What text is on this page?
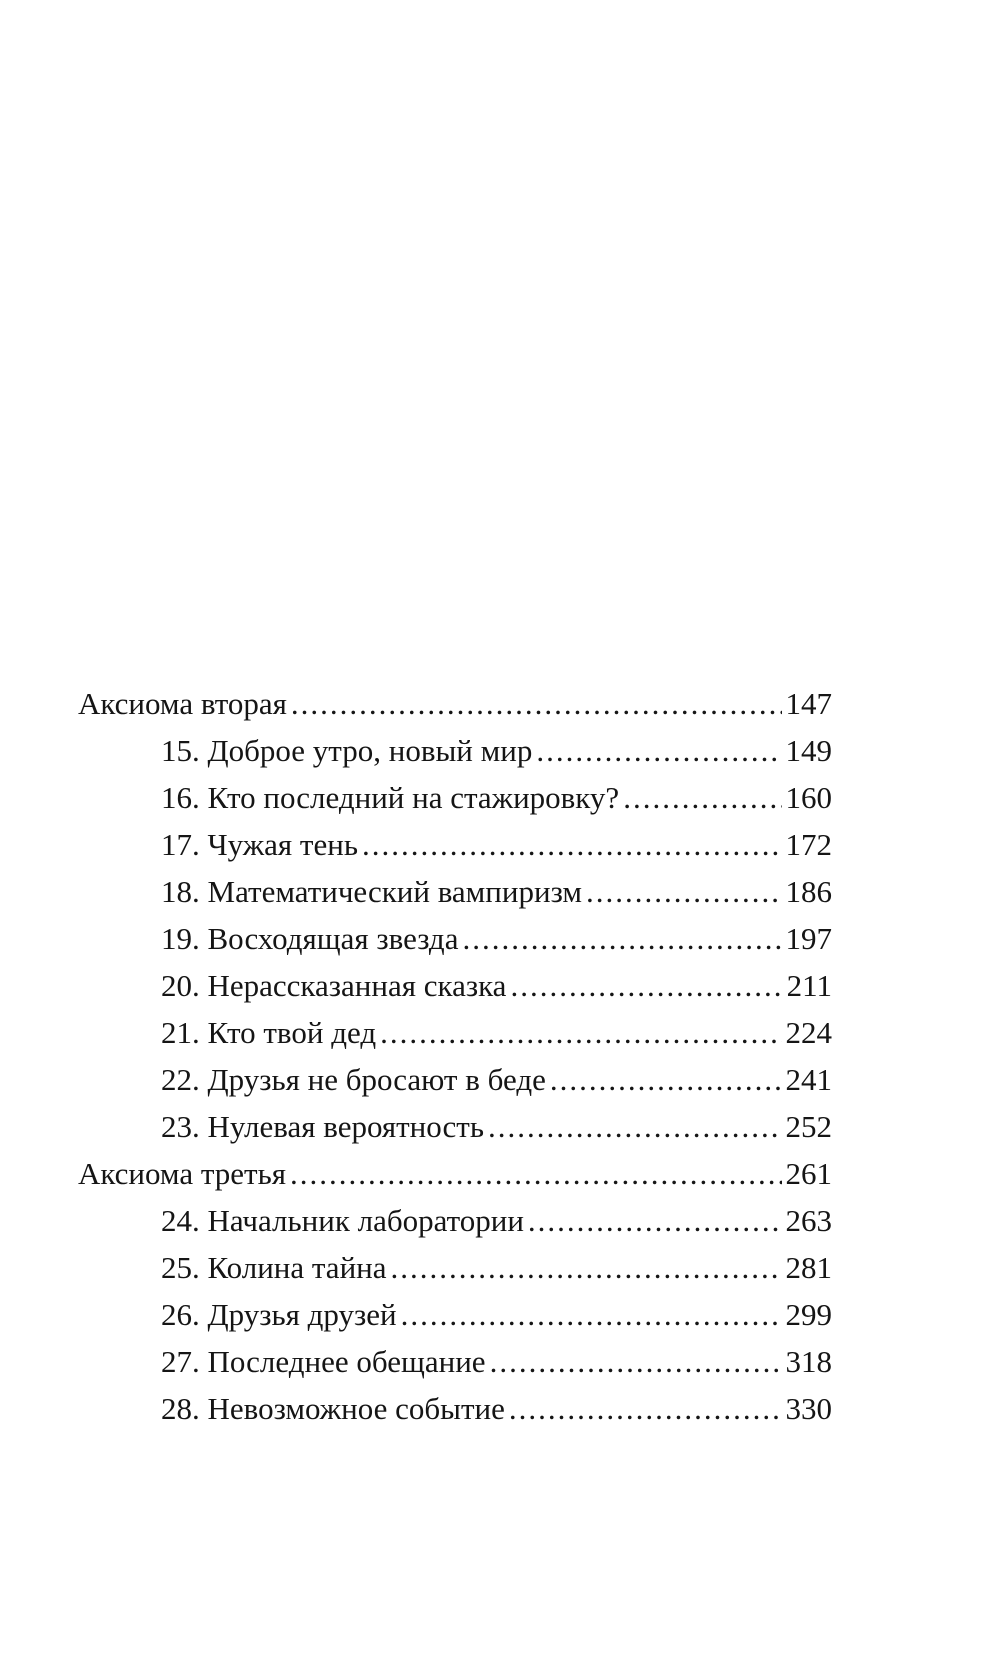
Аксиома вторая .....	147
15. Доброе утро, новый мир .....	149
16. Кто последний на стажировку? .....	160
17. Чужая тень .....	172
18. Математический вампиризм .....	186
19. Восходящая звезда .....	197
20. Нерассказанная сказка .....	211
21. Кто твой дед .....	224
22. Друзья не бросают в беде .....	241
23. Нулевая вероятность .....	252
Аксиома третья .....	261
24. Начальник лаборатории .....	263
25. Колина тайна .....	281
26. Друзья друзей .....	299
27. Последнее обещание .....	318
28. Невозможное событие .....	330
